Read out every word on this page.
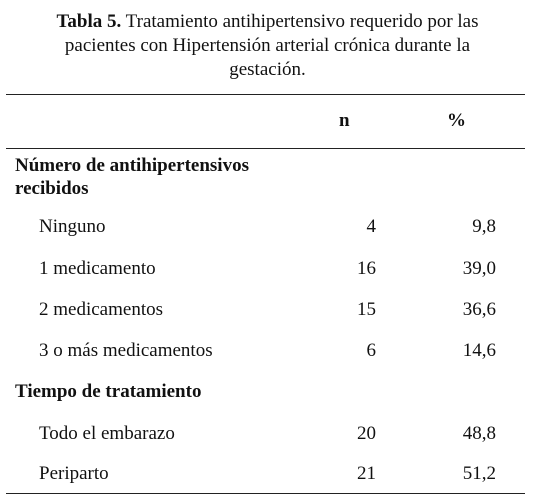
Tabla 5. Tratamiento antihipertensivo requerido por las
pacientes con Hipertensión arterial crónica durante la
gestación.
n	%
Número de antihipertensivos
recibidos
Ninguno	4	9,8
1 medicamento	16	39,0
2 medicamentos	15	36,6
3 o más medicamentos	6	14,6
Tiempo de tratamiento
Todo el embarazo	20	48,8
Periparto	21	51,2
